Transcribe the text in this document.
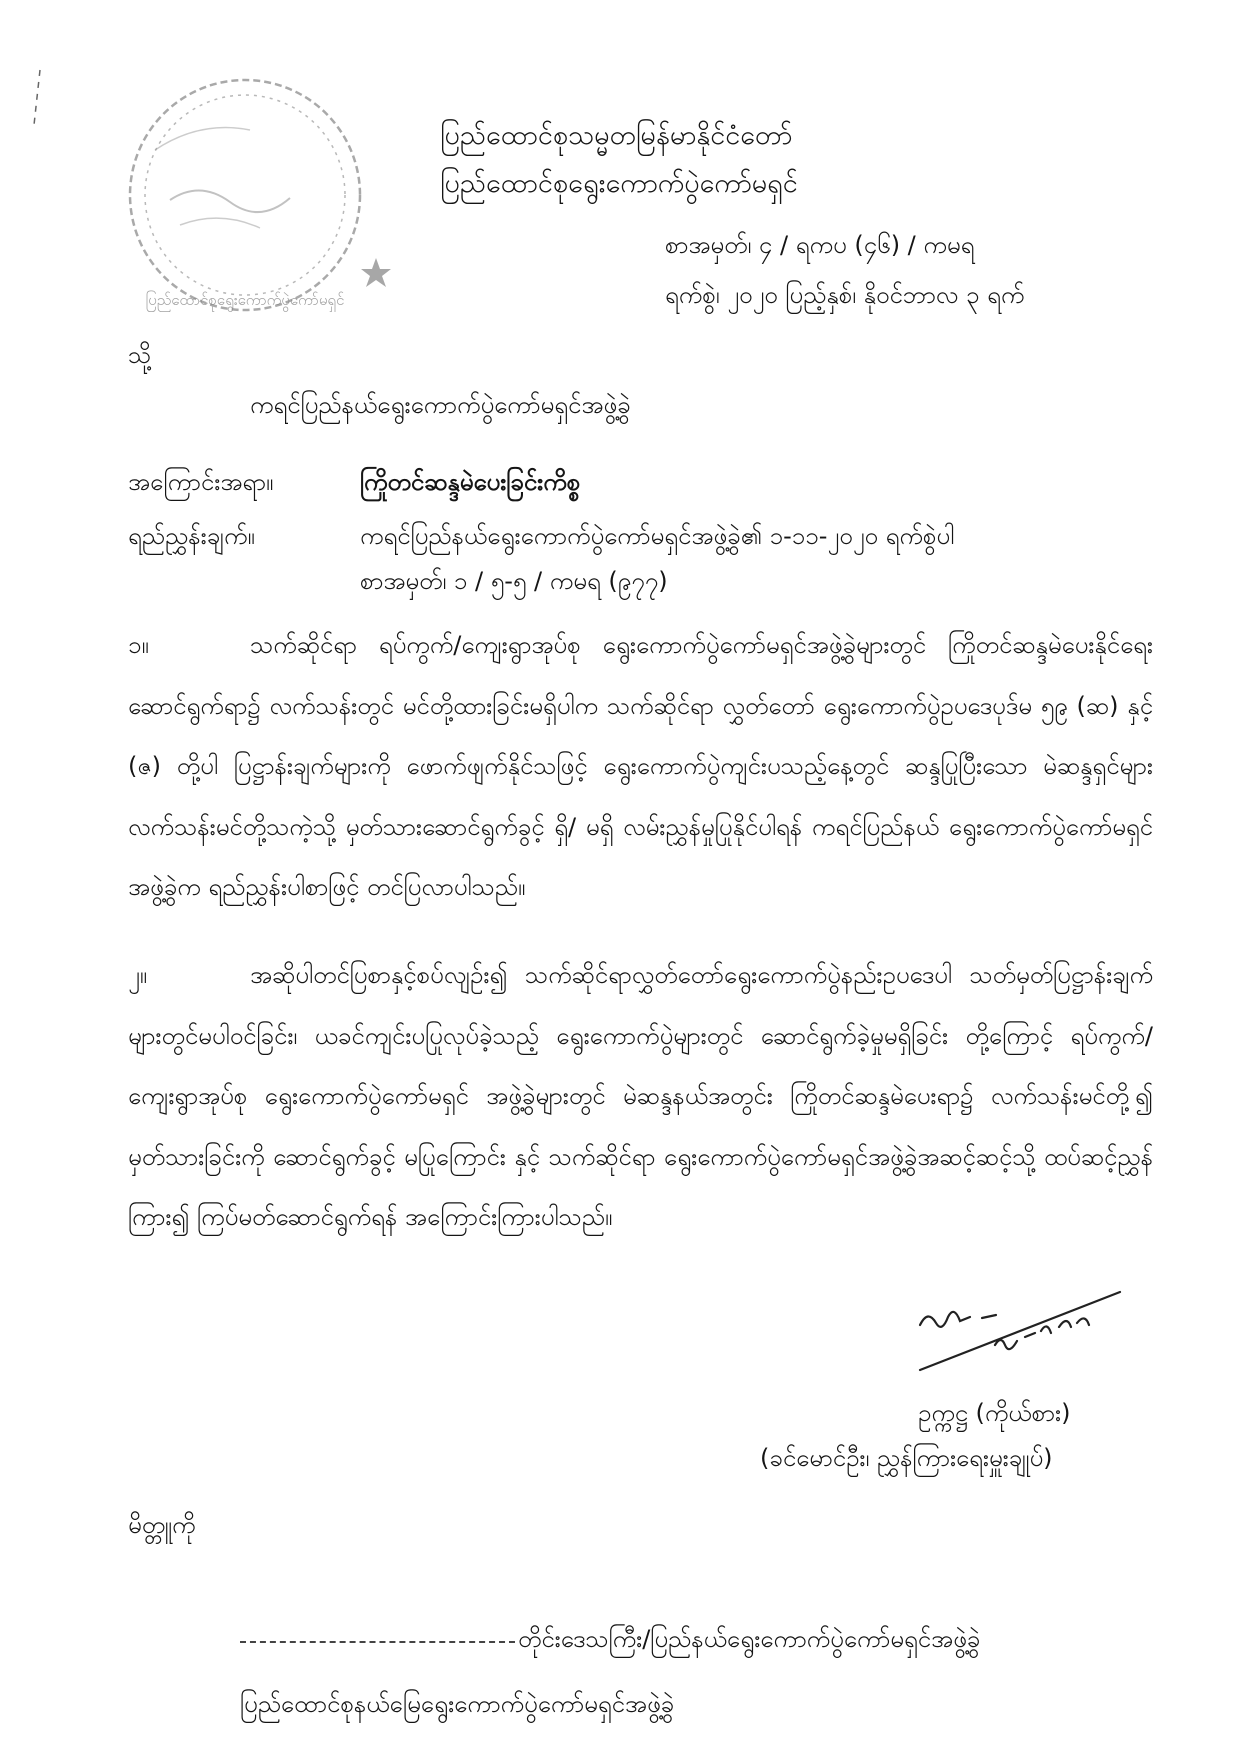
ပြည်ထောင်စုရွေးကောက်ပွဲကော်မရှင်
ပြည်ထောင်စုသမ္မတမြန်မာနိုင်ငံတော်
ပြည်ထောင်စုရွေးကောက်ပွဲကော်မရှင်
စာအမှတ်၊ ၄ / ရကပ (၄၆) / ကမရ
ရက်စွဲ၊ ၂၀၂၀ ပြည့်နှစ်၊ နိုဝင်ဘာလ ၃ ရက်
သို့
ကရင်ပြည်နယ်ရွေးကောက်ပွဲကော်မရှင်အဖွဲ့ခွဲ
အကြောင်းအရာ။	ကြိုတင်ဆန္ဒမဲပေးခြင်းကိစ္စ
ရည်ညွှန်းချက်။	ကရင်ပြည်နယ်ရွေးကောက်ပွဲကော်မရှင်အဖွဲ့ခွဲ၏ ၁-၁၁-၂၀၂၀ ရက်စွဲပါ
စာအမှတ်၊ ၁ / ၅-၅ / ကမရ (၉၇၇)
၁။	သက်ဆိုင်ရာ ရပ်ကွက်/ကျေးရွာအုပ်စု ရွေးကောက်ပွဲကော်မရှင်အဖွဲ့ခွဲများတွင် ကြိုတင်ဆန္ဒမဲပေးနိုင်ရေး ဆောင်ရွက်ရာ၌ လက်သန်းတွင် မင်တို့ထားခြင်းမရှိပါက သက်ဆိုင်ရာ လွှတ်တော် ရွေးကောက်ပွဲဥပဒေပုဒ်မ ၅၉ (ဆ) နှင့် (ဇ) တို့ပါ ပြဋ္ဌာန်းချက်များကို ဖောက်ဖျက်နိုင်သဖြင့် ရွေးကောက်ပွဲကျင်းပသည့်နေ့တွင် ဆန္ဒပြုပြီးသော မဲဆန္ဒရှင်များ လက်သန်းမင်တို့သကဲ့သို့ မှတ်သားဆောင်ရွက်ခွင့် ရှိ/ မရှိ လမ်းညွှန်မှုပြုနိုင်ပါရန် ကရင်ပြည်နယ် ရွေးကောက်ပွဲကော်မရှင်အဖွဲ့ခွဲက ရည်ညွှန်းပါစာဖြင့် တင်ပြလာပါသည်။
၂။	အဆိုပါတင်ပြစာနှင့်စပ်လျဉ်း၍ သက်ဆိုင်ရာလွှတ်တော်ရွေးကောက်ပွဲနည်းဥပဒေပါ သတ်မှတ်ပြဋ္ဌာန်းချက်များတွင်မပါဝင်ခြင်း၊ ယခင်ကျင်းပပြုလုပ်ခဲ့သည့် ရွေးကောက်ပွဲများတွင် ဆောင်ရွက်ခဲ့မှုမရှိခြင်း တို့ကြောင့် ရပ်ကွက်/ကျေးရွာအုပ်စု ရွေးကောက်ပွဲကော်မရှင် အဖွဲ့ခွဲများတွင် မဲဆန္ဒနယ်အတွင်း ကြိုတင်ဆန္ဒမဲပေးရာ၌ လက်သန်းမင်တို့၍ မှတ်သားခြင်းကို ဆောင်ရွက်ခွင့် မပြုကြောင်း နှင့် သက်ဆိုင်ရာ ရွေးကောက်ပွဲကော်မရှင်အဖွဲ့ခွဲအဆင့်ဆင့်သို့ ထပ်ဆင့်ညွှန်ကြား၍ ကြပ်မတ်ဆောင်ရွက်ရန် အကြောင်းကြားပါသည်။
ဥက္ကဋ္ဌ (ကိုယ်စား)
(ခင်မောင်ဦး၊ ညွှန်ကြားရေးမှူးချုပ်)
မိတ္တူကို
တိုင်းဒေသကြီး/ပြည်နယ်ရွေးကောက်ပွဲကော်မရှင်အဖွဲ့ခွဲ
ပြည်ထောင်စုနယ်မြေရွေးကောက်ပွဲကော်မရှင်အဖွဲ့ခွဲ
